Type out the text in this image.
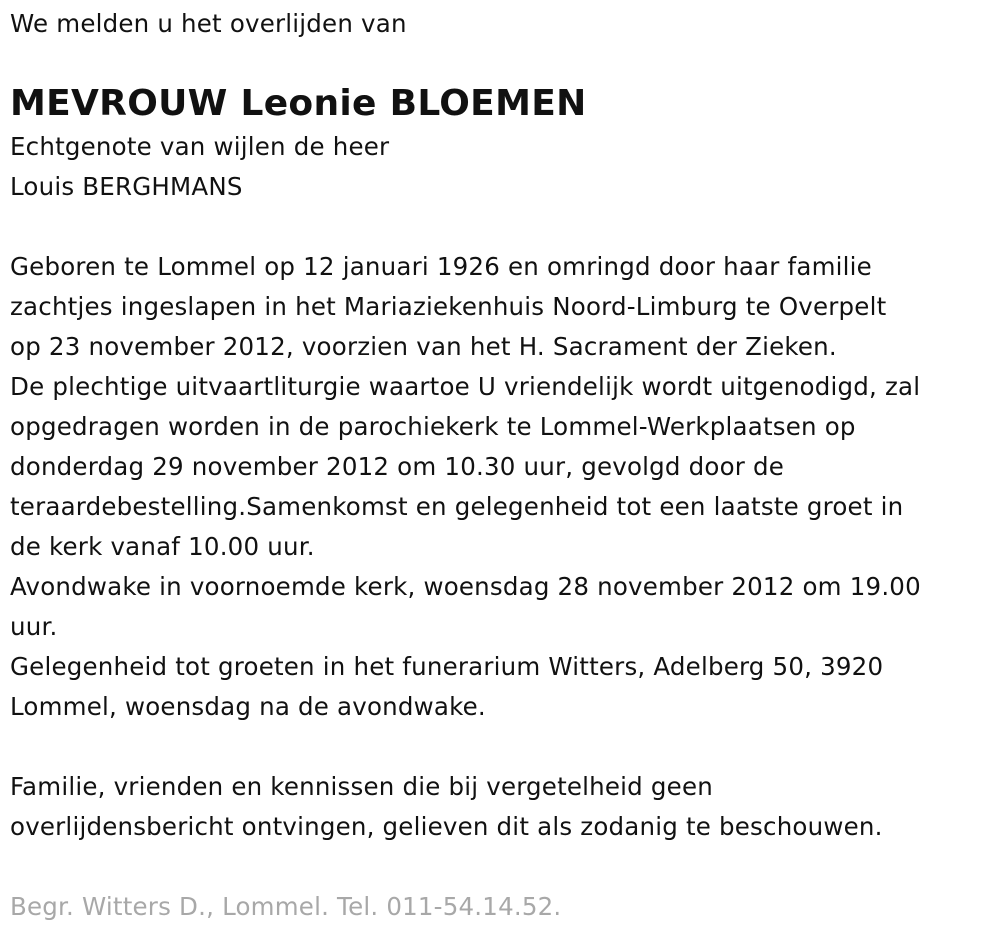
We melden u het overlijden van
MEVROUW Leonie BLOEMEN
Echtgenote van wijlen de heer
Louis BERGHMANS
Geboren te Lommel op 12 januari 1926 en omringd door haar familie
zachtjes ingeslapen in het Mariaziekenhuis Noord-Limburg te Overpelt
op 23 november 2012, voorzien van het H. Sacrament der Zieken.
De plechtige uitvaartliturgie waartoe U vriendelijk wordt uitgenodigd, zal
opgedragen worden in de parochiekerk te Lommel-Werkplaatsen op
donderdag 29 november 2012 om 10.30 uur, gevolgd door de
teraardebestelling.Samenkomst en gelegenheid tot een laatste groet in
de kerk vanaf 10.00 uur.
Avondwake in voornoemde kerk, woensdag 28 november 2012 om 19.00
uur.
Gelegenheid tot groeten in het funerarium Witters, Adelberg 50, 3920
Lommel, woensdag na de avondwake.
Familie, vrienden en kennissen die bij vergetelheid geen
overlijdensbericht ontvingen, gelieven dit als zodanig te beschouwen.
Begr. Witters D., Lommel. Tel. 011-54.14.52.
